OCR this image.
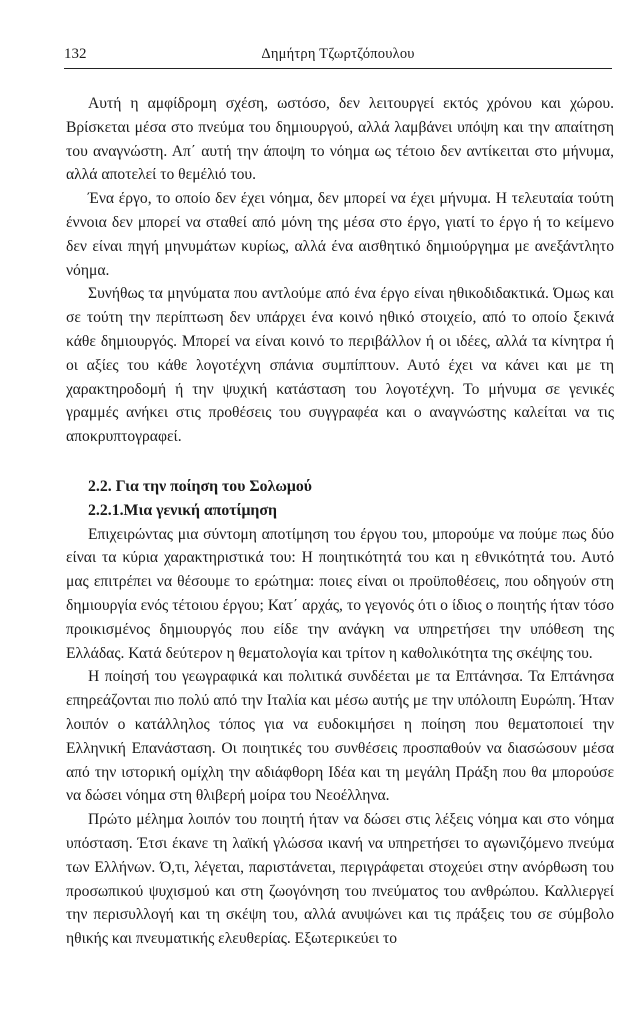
132	Δημήτρη Τζωρτζόπουλου

Αυτή η αμφίδρομη σχέση, ωστόσο, δεν λειτουργεί εκτός χρόνου και χώρου. Βρίσκεται μέσα στο πνεύμα του δημιουργού, αλλά λαμβάνει υπόψη και την απαίτηση του αναγνώστη. Απ΄ αυτή την άποψη το νόημα ως τέτοιο δεν αντίκειται στο μήνυμα, αλλά αποτελεί το θεμέλιό του.

Ένα έργο, το οποίο δεν έχει νόημα, δεν μπορεί να έχει μήνυμα. Η τελευταία τούτη έννοια δεν μπορεί να σταθεί από μόνη της μέσα στο έργο, γιατί το έργο ή το κείμενο δεν είναι πηγή μηνυμάτων κυρίως, αλλά ένα αισθητικό δημιούργημα με ανεξάντλητο νόημα.

Συνήθως τα μηνύματα που αντλούμε από ένα έργο είναι ηθικοδιδακτικά. Όμως και σε τούτη την περίπτωση δεν υπάρχει ένα κοινό ηθικό στοιχείο, από το οποίο ξεκινά κάθε δημιουργός. Μπορεί να είναι κοινό το περιβάλλον ή οι ιδέες, αλλά τα κίνητρα ή οι αξίες του κάθε λογοτέχνη σπάνια συμπίπτουν. Αυτό έχει να κάνει και με τη χαρακτηροδομή ή την ψυχική κατάσταση του λογοτέχνη. Το μήνυμα σε γενικές γραμμές ανήκει στις προθέσεις του συγγραφέα και ο αναγνώστης καλείται να τις αποκρυπτογραφεί.

2.2. Για την ποίηση του Σολωμού
2.2.1.Μια γενική αποτίμηση

Επιχειρώντας μια σύντομη αποτίμηση του έργου του, μπορούμε να πούμε πως δύο είναι τα κύρια χαρακτηριστικά του: Η ποιητικότητά του και η εθνικότητά του. Αυτό μας επιτρέπει να θέσουμε το ερώτημα: ποιες είναι οι προϋποθέσεις, που οδηγούν στη δημιουργία ενός τέτοιου έργου; Κατ΄ αρχάς, το γεγονός ότι ο ίδιος ο ποιητής ήταν τόσο προικισμένος δημιουργός που είδε την ανάγκη να υπηρετήσει την υπόθεση της Ελλάδας. Κατά δεύτερον η θεματολογία και τρίτον η καθολικότητα της σκέψης του.

Η ποίησή του γεωγραφικά και πολιτικά συνδέεται με τα Επτάνησα. Τα Επτάνησα επηρεάζονται πιο πολύ από την Ιταλία και μέσω αυτής με την υπόλοιπη Ευρώπη. Ήταν λοιπόν ο κατάλληλος τόπος για να ευδοκιμήσει η ποίηση που θεματοποιεί την Ελληνική Επανάσταση. Οι ποιητικές του συνθέσεις προσπαθούν να διασώσουν μέσα από την ιστορική ομίχλη την αδιάφθορη Ιδέα και τη μεγάλη Πράξη που θα μπορούσε να δώσει νόημα στη θλιβερή μοίρα του Νεοέλληνα.

Πρώτο μέλημα λοιπόν του ποιητή ήταν να δώσει στις λέξεις νόημα και στο νόημα υπόσταση. Έτσι έκανε τη λαϊκή γλώσσα ικανή να υπηρετήσει το αγωνιζόμενο πνεύμα των Ελλήνων. Ό,τι, λέγεται, παριστάνεται, περιγράφεται στοχεύει στην ανόρθωση του προσωπικού ψυχισμού και στη ζωογόνηση του πνεύματος του ανθρώπου. Καλλιεργεί την περισυλλογή και τη σκέψη του, αλλά ανυψώνει και τις πράξεις του σε σύμβολο ηθικής και πνευματικής ελευθερίας. Εξωτερικεύει το
